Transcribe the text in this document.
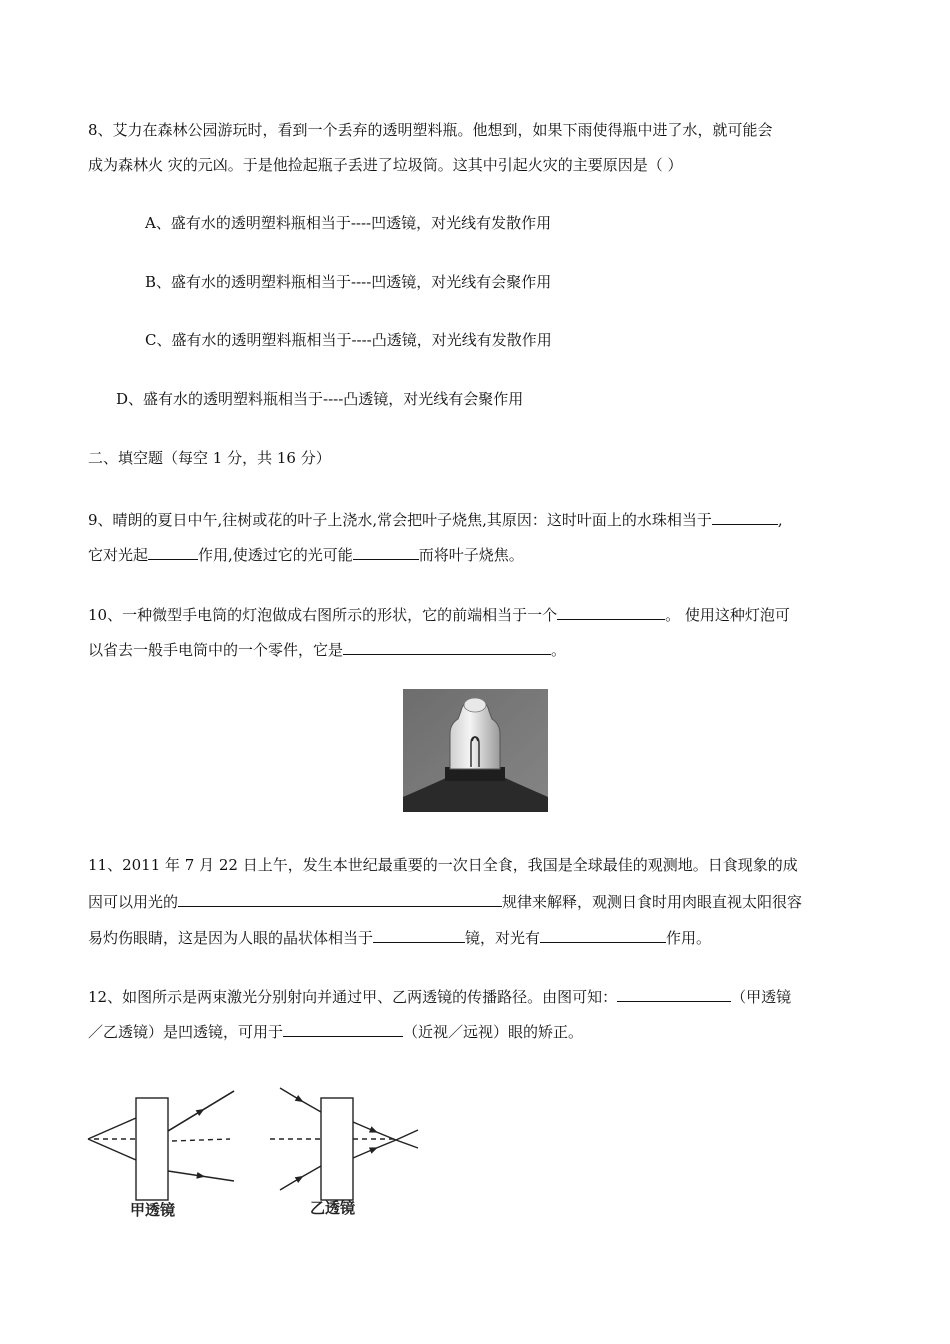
8、艾力在森林公园游玩时，看到一个丢弃的透明塑料瓶。他想到，如果下雨使得瓶中进了水，就可能会
成为森林火 灾的元凶。于是他捡起瓶子丢进了垃圾筒。这其中引起火灾的主要原因是（ ）
A、盛有水的透明塑料瓶相当于----凹透镜，对光线有发散作用
B、盛有水的透明塑料瓶相当于----凹透镜，对光线有会聚作用
C、盛有水的透明塑料瓶相当于----凸透镜，对光线有发散作用
D、盛有水的透明塑料瓶相当于----凸透镜，对光线有会聚作用
二、填空题（每空 1 分，共 16 分）
9、晴朗的夏日中午,往树或花的叶子上浇水,常会把叶子烧焦,其原因：这时叶面上的水珠相当于	,
它对光起	作用,使透过它的光可能	而将叶子烧焦。
10、一种微型手电筒的灯泡做成右图所示的形状，它的前端相当于一个	。 使用这种灯泡可
以省去一般手电筒中的一个零件，它是	。
11、2011 年 7 月 22 日上午，发生本世纪最重要的一次日全食，我国是全球最佳的观测地。日食现象的成
因可以用光的	规律来解释，观测日食时用肉眼直视太阳很容
易灼伤眼睛，这是因为人眼的晶状体相当于	镜，对光有	作用。
12、如图所示是两束激光分别射向并通过甲、乙两透镜的传播路径。由图可知：	（甲透镜
／乙透镜）是凹透镜，可用于	（近视／远视）眼的矫正。
甲透镜	乙透镜
